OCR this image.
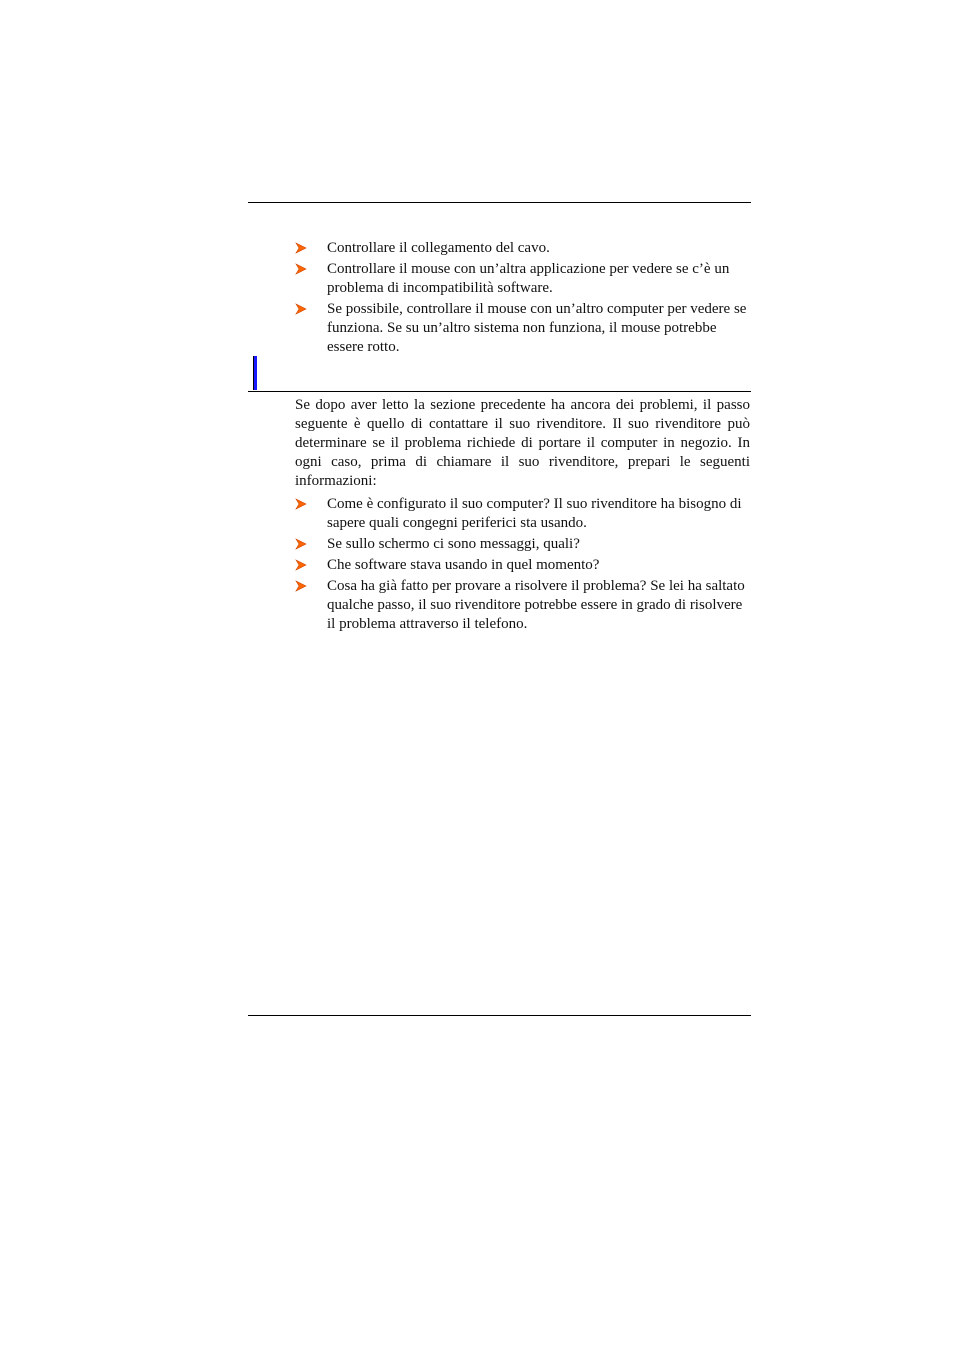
Controllare il collegamento del cavo.
Controllare il mouse con un’altra applicazione per vedere se c’è un problema di incompatibilità software.
Se possibile, controllare il mouse con un’altro computer per vedere se funziona. Se su un’altro sistema non funziona, il mouse potrebbe essere rotto.

Se dopo aver letto la sezione precedente ha ancora dei problemi, il passo seguente è quello di contattare il suo rivenditore. Il suo rivenditore può determinare se il problema richiede di portare il computer in negozio. In ogni caso, prima di chiamare il suo rivenditore, prepari le seguenti informazioni:

Come è configurato il suo computer? Il suo rivenditore ha bisogno di sapere quali congegni periferici sta usando.
Se sullo schermo ci sono messaggi, quali?
Che software stava usando in quel momento?
Cosa ha già fatto per provare a risolvere il problema? Se lei ha saltato qualche passo, il suo rivenditore potrebbe essere in grado di risolvere il problema attraverso il telefono.
